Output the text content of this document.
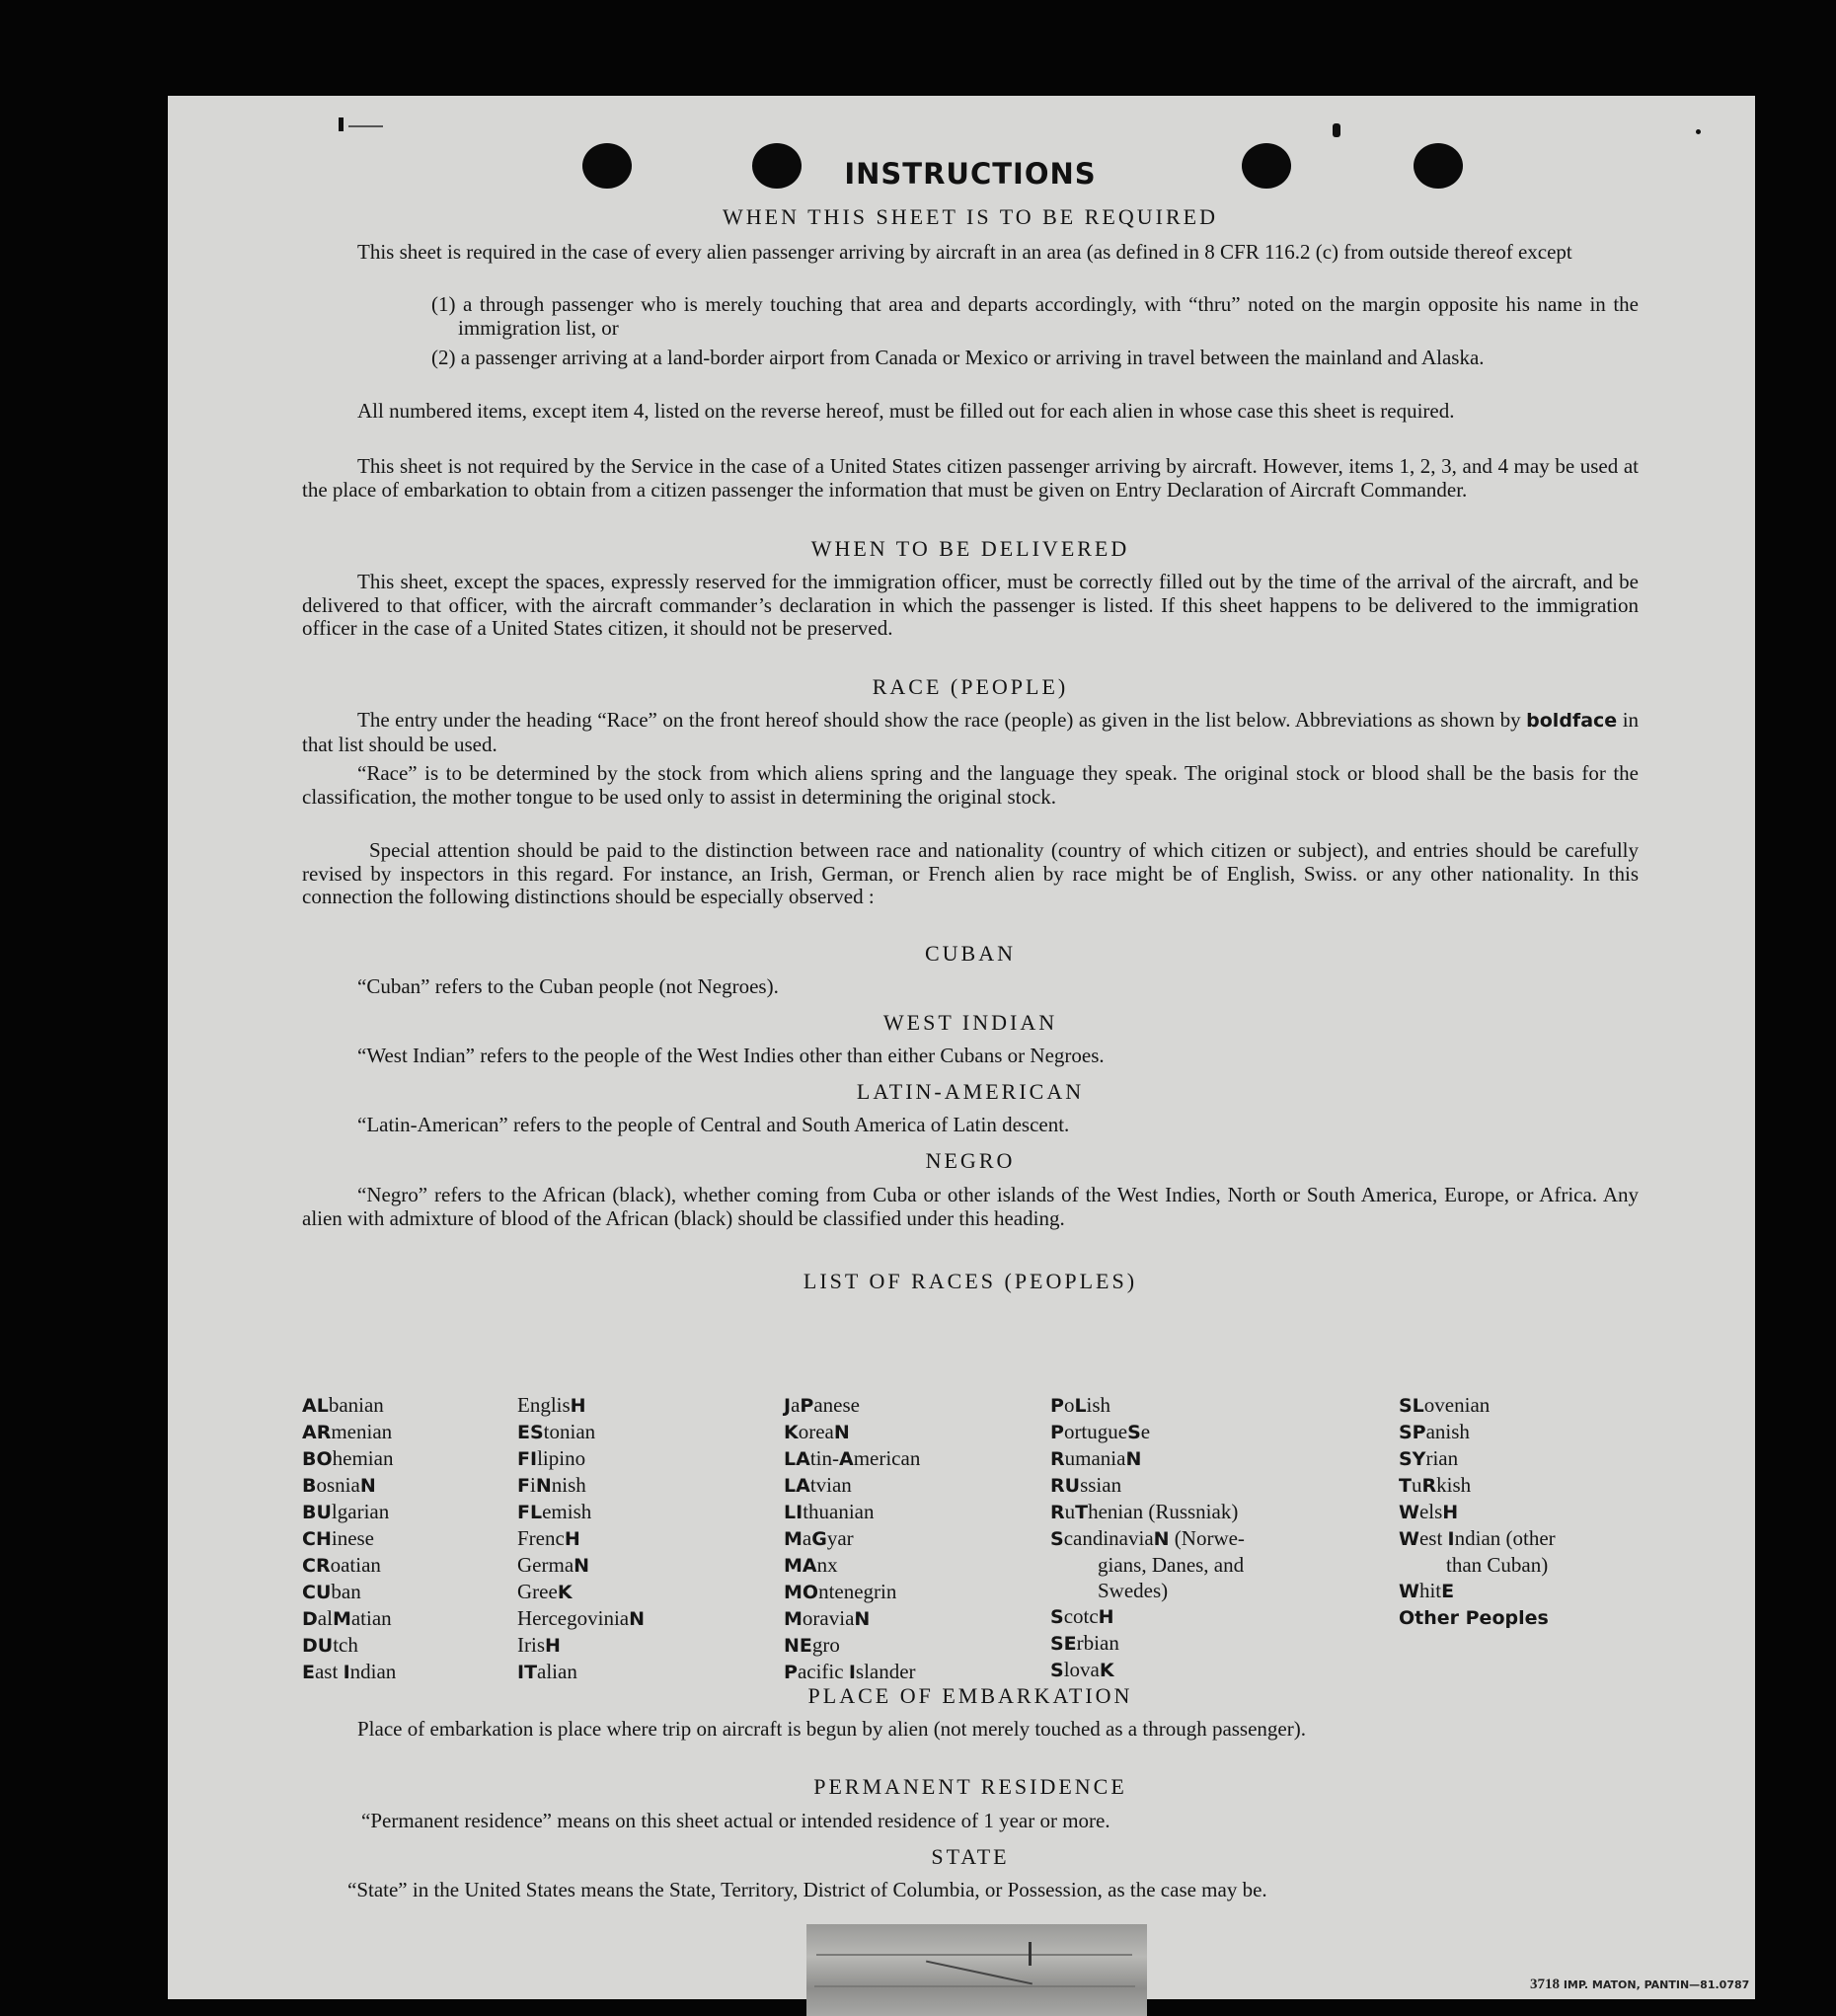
INSTRUCTIONS
WHEN THIS SHEET IS TO BE REQUIRED
This sheet is required in the case of every alien passenger arriving by aircraft in an area (as defined in 8 CFR 116.2 (c) from outside thereof except
(1) a through passenger who is merely touching that area and departs accordingly, with “thru” noted on the margin opposite his name in the immigration list, or
(2) a passenger arriving at a land-border airport from Canada or Mexico or arriving in travel between the mainland and Alaska.
All numbered items, except item 4, listed on the reverse hereof, must be filled out for each alien in whose case this sheet is required.
This sheet is not required by the Service in the case of a United States citizen passenger arriving by aircraft. However, items 1, 2, 3, and 4 may be used at the place of embarkation to obtain from a citizen passenger the information that must be given on Entry Declaration of Aircraft Commander.
WHEN TO BE DELIVERED
This sheet, except the spaces, expressly reserved for the immigration officer, must be correctly filled out by the time of the arrival of the aircraft, and be delivered to that officer, with the aircraft commander’s declaration in which the passenger is listed. If this sheet happens to be delivered to the immigration officer in the case of a United States citizen, it should not be preserved.
RACE (PEOPLE)
The entry under the heading “Race” on the front hereof should show the race (people) as given in the list below. Abbreviations as shown by boldface in that list should be used.
“Race” is to be determined by the stock from which aliens spring and the language they speak. The original stock or blood shall be the basis for the classification, the mother tongue to be used only to assist in determining the original stock.
Special attention should be paid to the distinction between race and nationality (country of which citizen or subject), and entries should be carefully revised by inspectors in this regard. For instance, an Irish, German, or French alien by race might be of English, Swiss. or any other nationality. In this connection the following distinctions should be especially observed :
CUBAN
“Cuban” refers to the Cuban people (not Negroes).
WEST INDIAN
“West Indian” refers to the people of the West Indies other than either Cubans or Negroes.
LATIN-AMERICAN
“Latin-American” refers to the people of Central and South America of Latin descent.
NEGRO
“Negro” refers to the African (black), whether coming from Cuba or other islands of the West Indies, North or South America, Europe, or Africa. Any alien with admixture of blood of the African (black) should be classified under this heading.
LIST OF RACES (PEOPLES)
ALbanian
ARmenian
BOhemian
BosniaN
BUlgarian
CHinese
CRoatian
CUban
DalMatian
DUtch
East Indian
EnglisH
EStonian
FIlipino
FiNnish
FLemish
FrencH
GermaN
GreeK
HercegoviniaN
IrisH
ITalian
JaPanese
KoreaN
LAtin-American
LAtvian
LIthuanian
MaGyar
MAnx
MOntenegrin
MoraviaN
NEgro
Pacific Islander
PoLish
PortugueSe
RumaniaN
RUssian
RuThenian (Russniak)
ScandinaviaN (Norwe-
gians, Danes, and
Swedes)
ScotcH
SErbian
SlovaK
SLovenian
SPanish
SYrian
TuRkish
WelsH
West Indian (other
than Cuban)
WhitE
Other Peoples
PLACE OF EMBARKATION
Place of embarkation is place where trip on aircraft is begun by alien (not merely touched as a through passenger).
PERMANENT RESIDENCE
“Permanent residence” means on this sheet actual or intended residence of 1 year or more.
STATE
“State” in the United States means the State, Territory, District of Columbia, or Possession, as the case may be.
3718 IMP. MATON, PANTIN—81.0787
